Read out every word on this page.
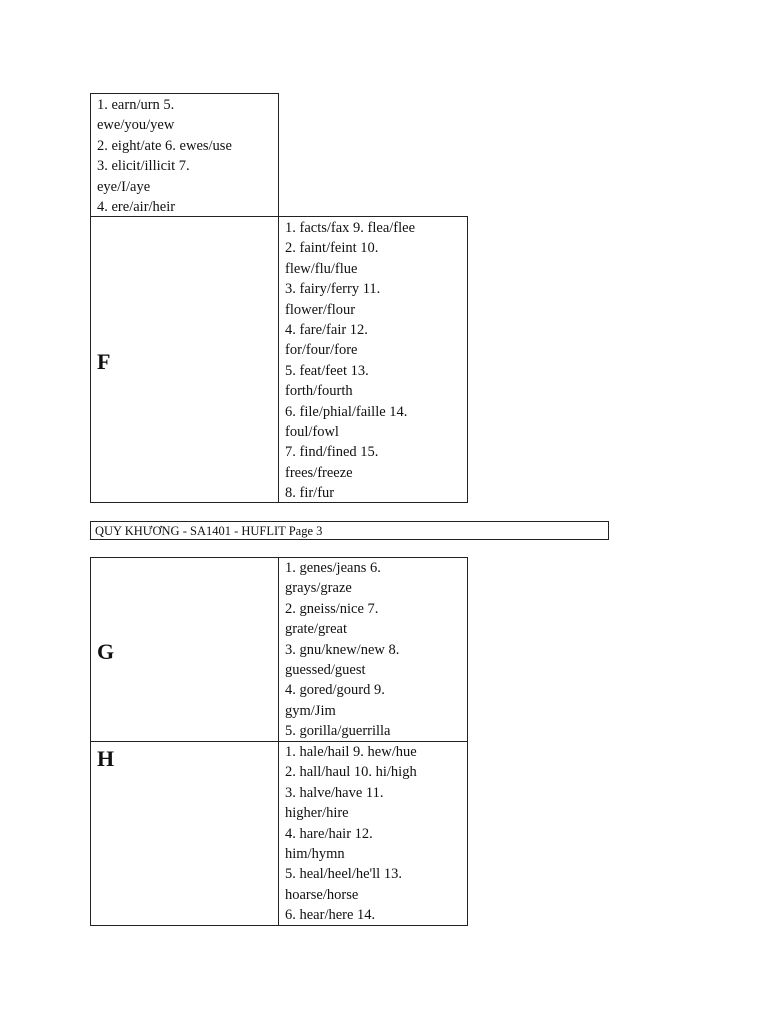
1. earn/urn 5.
ewe/you/yew
2. eight/ate 6. ewes/use
3. elicit/illicit 7.
eye/I/aye
4. ere/air/heir
F
1. facts/fax 9. flea/flee
2. faint/feint 10.
flew/flu/flue
3. fairy/ferry 11.
flower/flour
4. fare/fair 12.
for/four/fore
5. feat/feet 13.
forth/fourth
6. file/phial/faille 14.
foul/fowl
7. find/fined 15.
frees/freeze
8. fir/fur
QUY KHƯƠNG - SA1401 - HUFLIT Page 3
G
1. genes/jeans 6.
grays/graze
2. gneiss/nice 7.
grate/great
3. gnu/knew/new 8.
guessed/guest
4. gored/gourd 9.
gym/Jim
5. gorilla/guerrilla
H	1. hale/hail 9. hew/hue
2. hall/haul 10. hi/high
3. halve/have 11.
higher/hire
4. hare/hair 12.
him/hymn
5. heal/heel/he'll 13.
hoarse/horse
6. hear/here 14.
